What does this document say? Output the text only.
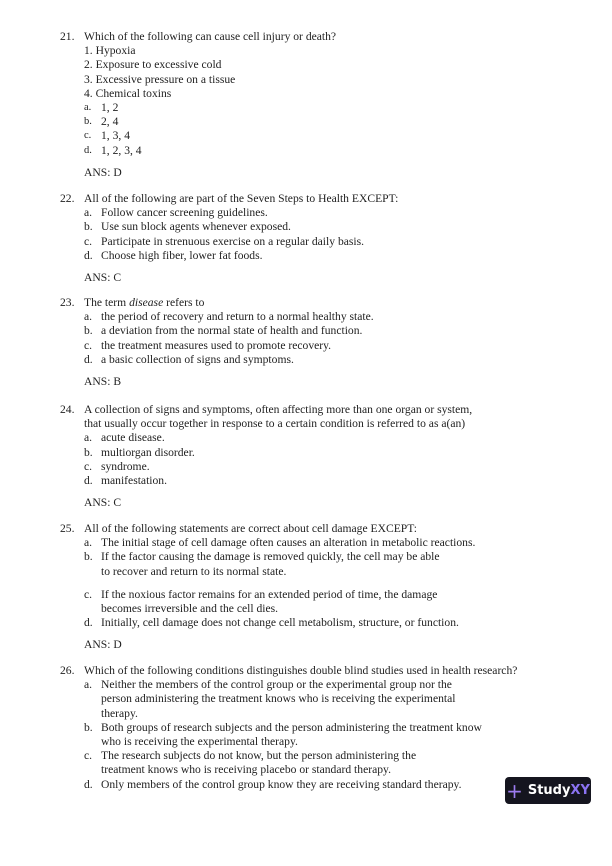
21. Which of the following can cause cell injury or death?
1. Hypoxia
2. Exposure to excessive cold
3. Excessive pressure on a tissue
4. Chemical toxins
a. 1, 2
b. 2, 4
c. 1, 3, 4
d. 1, 2, 3, 4
ANS: D
22. All of the following are part of the Seven Steps to Health EXCEPT:
a. Follow cancer screening guidelines.
b. Use sun block agents whenever exposed.
c. Participate in strenuous exercise on a regular daily basis.
d. Choose high fiber, lower fat foods.
ANS: C
23. The term disease refers to
a. the period of recovery and return to a normal healthy state.
b. a deviation from the normal state of health and function.
c. the treatment measures used to promote recovery.
d. a basic collection of signs and symptoms.
ANS: B
24. A collection of signs and symptoms, often affecting more than one organ or system,
that usually occur together in response to a certain condition is referred to as a(an)
a. acute disease.
b. multiorgan disorder.
c. syndrome.
d. manifestation.
ANS: C
25. All of the following statements are correct about cell damage EXCEPT:
a. The initial stage of cell damage often causes an alteration in metabolic reactions.
b. If the factor causing the damage is removed quickly, the cell may be able
to recover and return to its normal state.
c. If the noxious factor remains for an extended period of time, the damage
becomes irreversible and the cell dies.
d. Initially, cell damage does not change cell metabolism, structure, or function.
ANS: D
26. Which of the following conditions distinguishes double blind studies used in health research?
a. Neither the members of the control group or the experimental group nor the
person administering the treatment knows who is receiving the experimental
therapy.
b. Both groups of research subjects and the person administering the treatment know
who is receiving the experimental therapy.
c. The research subjects do not know, but the person administering the
treatment knows who is receiving placebo or standard therapy.
d. Only members of the control group know they are receiving standard therapy.	+ StudyXY
